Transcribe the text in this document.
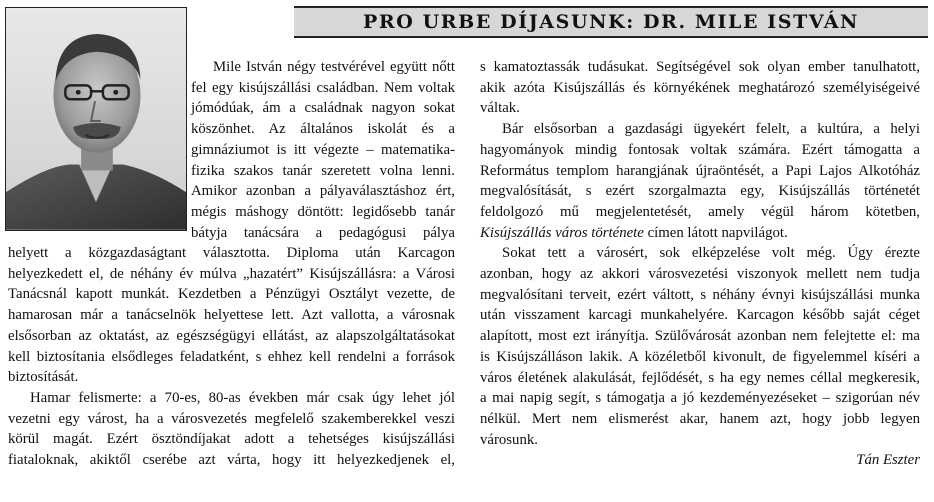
PRO URBE DÍJASUNK: DR. MILE ISTVÁN

Mile István négy testvérével együtt nőtt

fel egy kisújszállási családban. Nem voltak

jómódúak, ám a családnak nagyon sokat

köszönhet. Az általános iskolát és a

gimnáziumot is itt végezte – matematika-

fizika szakos tanár szeretett volna lenni.

Amikor azonban a pályaválasztáshoz ért,

mégis máshogy döntött: legidősebb tanár

bátyja tanácsára a pedagógusi pálya

helyett a közgazdaságtant választotta. Diploma után Karcagon

helyezkedett el, de néhány év múlva „hazatért” Kisújszállásra: a Városi

Tanácsnál kapott munkát. Kezdetben a Pénzügyi Osztályt vezette, de

hamarosan már a tanácselnök helyettese lett. Azt vallotta, a városnak

elsősorban az oktatást, az egészségügyi ellátást, az alapszolgáltatásokat

kell biztosítania elsődleges feladatként, s ehhez kell rendelni a források

biztosítását.

Hamar felismerte: a 70-es, 80-as években már csak úgy lehet jól

vezetni egy várost, ha a városvezetés megfelelő szakemberekkel veszi

körül magát. Ezért ösztöndíjakat adott a tehetséges kisújszállási

fiataloknak, akiktől cserébe azt várta, hogy itt helyezkedjenek el,

s kamatoztassák tudásukat. Segítségével sok olyan ember tanulhatott,

akik azóta Kisújszállás és környékének meghatározó személyiségeivé

váltak.

Bár elsősorban a gazdasági ügyekért felelt, a kultúra, a helyi

hagyományok mindig fontosak voltak számára. Ezért támogatta a

Református templom harangjának újraöntését, a Papi Lajos Alkotóház

megvalósítását, s ezért szorgalmazta egy, Kisújszállás történetét

feldolgozó mű megjelentetését, amely végül három kötetben,

Kisújszállás város története címen látott napvilágot.

Sokat tett a városért, sok elképzelése volt még. Úgy érezte

azonban, hogy az akkori városvezetési viszonyok mellett nem tudja

megvalósítani terveit, ezért váltott, s néhány évnyi kisújszállási munka

után visszament karcagi munkahelyére. Karcagon később saját céget

alapított, most ezt irányítja. Szülővárosát azonban nem felejtette el: ma

is Kisújszálláson lakik. A közéletből kivonult, de figyelemmel kíséri a

város életének alakulását, fejlődését, s ha egy nemes céllal megkeresik,

a mai napig segít, s támogatja a jó kezdeményezéseket – szigorúan név

nélkül. Mert nem elismerést akar, hanem azt, hogy jobb legyen

városunk.

Tán Eszter
